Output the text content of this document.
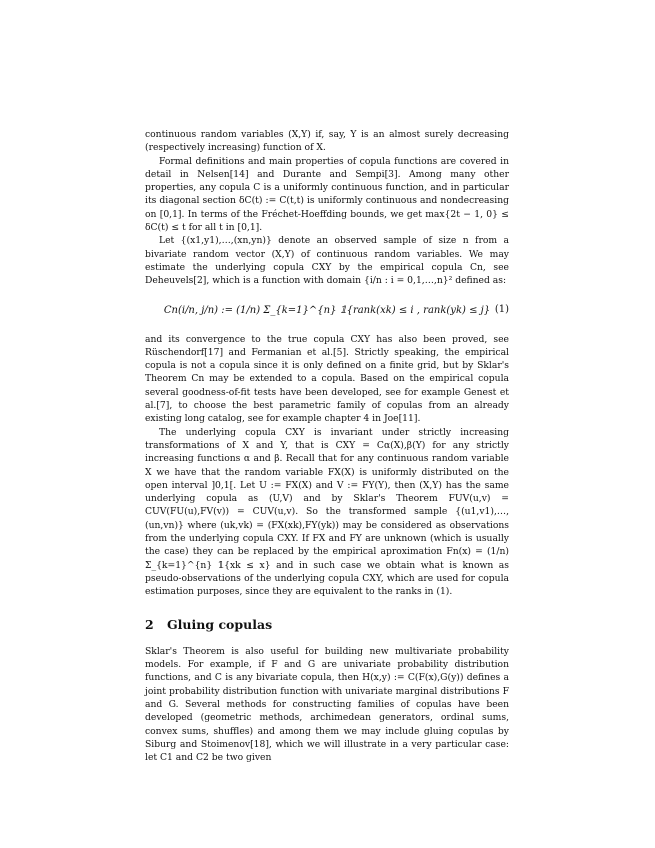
continuous random variables (X,Y) if, say, Y is an almost surely decreasing (respectively increasing) function of X.

Formal definitions and main properties of copula functions are covered in detail in Nelsen[14] and Durante and Sempi[3]. Among many other properties, any copula C is a uniformly continuous function, and in particular its diagonal section δC(t) := C(t,t) is uniformly continuous and nondecreasing on [0,1]. In terms of the Fréchet-Hoeffding bounds, we get max{2t − 1, 0} ≤ δC(t) ≤ t for all t in [0,1].

Let {(x1,y1),…,(xn,yn)} denote an observed sample of size n from a bivariate random vector (X,Y) of continuous random variables. We may estimate the underlying copula CXY by the empirical copula Cn, see Deheuvels[2], which is a function with domain {i/n : i = 0,1,…,n}² defined as:

Cn(i/n, j/n) := (1/n) Σ_{k=1}^{n} 𝟙{rank(xk) ≤ i , rank(yk) ≤ j} (1)

and its convergence to the true copula CXY has also been proved, see Rüschendorf[17] and Fermanian et al.[5]. Strictly speaking, the empirical copula is not a copula since it is only defined on a finite grid, but by Sklar's Theorem Cn may be extended to a copula. Based on the empirical copula several goodness-of-fit tests have been developed, see for example Genest et al.[7], to choose the best parametric family of copulas from an already existing long catalog, see for example chapter 4 in Joe[11].

The underlying copula CXY is invariant under strictly increasing transformations of X and Y, that is CXY = Cα(X),β(Y) for any strictly increasing functions α and β. Recall that for any continuous random variable X we have that the random variable FX(X) is uniformly distributed on the open interval ]0,1[. Let U := FX(X) and V := FY(Y), then (X,Y) has the same underlying copula as (U,V) and by Sklar's Theorem FUV(u,v) = CUV(FU(u),FV(v)) = CUV(u,v). So the transformed sample {(u1,v1),…,(un,vn)} where (uk,vk) = (FX(xk),FY(yk)) may be considered as observations from the underlying copula CXY. If FX and FY are unknown (which is usually the case) they can be replaced by the empirical aproximation Fn(x) = (1/n) Σ_{k=1}^{n} 𝟙{xk ≤ x} and in such case we obtain what is known as pseudo-observations of the underlying copula CXY, which are used for copula estimation purposes, since they are equivalent to the ranks in (1).

2 Gluing copulas

Sklar's Theorem is also useful for building new multivariate probability models. For example, if F and G are univariate probability distribution functions, and C is any bivariate copula, then H(x,y) := C(F(x),G(y)) defines a joint probability distribution function with univariate marginal distributions F and G. Several methods for constructing families of copulas have been developed (geometric methods, archimedean generators, ordinal sums, convex sums, shuffles) and among them we may include gluing copulas by Siburg and Stoimenov[18], which we will illustrate in a very particular case: let C1 and C2 be two given
